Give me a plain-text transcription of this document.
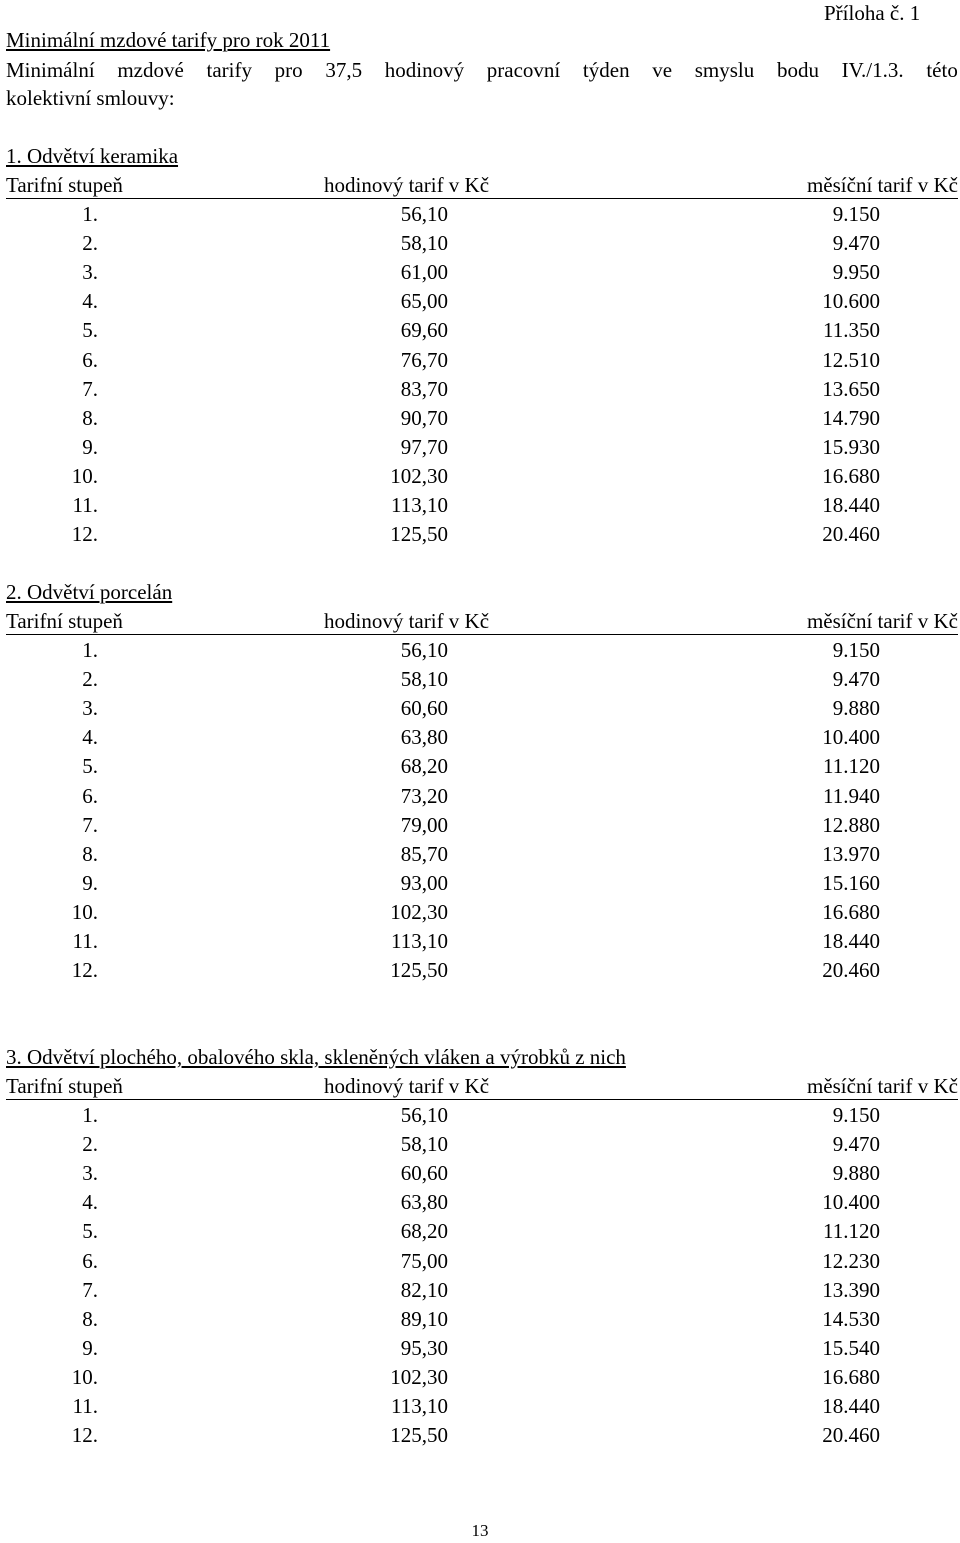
Příloha č. 1
Minimální mzdové tarify pro rok 2011
Minimální mzdové tarify pro 37,5 hodinový pracovní týden ve smyslu bodu IV./1.3. této
kolektivní smlouvy:
1. Odvětví keramika
Tarifní stupeň	hodinový tarif v Kč	měsíční tarif v Kč
1.	56,10	9.150
2.	58,10	9.470
3.	61,00	9.950
4.	65,00	10.600
5.	69,60	11.350
6.	76,70	12.510
7.	83,70	13.650
8.	90,70	14.790
9.	97,70	15.930
10.	102,30	16.680
11.	113,10	18.440
12.	125,50	20.460
2. Odvětví porcelán
Tarifní stupeň	hodinový tarif v Kč	měsíční tarif v Kč
1.	56,10	9.150
2.	58,10	9.470
3.	60,60	9.880
4.	63,80	10.400
5.	68,20	11.120
6.	73,20	11.940
7.	79,00	12.880
8.	85,70	13.970
9.	93,00	15.160
10.	102,30	16.680
11.	113,10	18.440
12.	125,50	20.460
3. Odvětví plochého, obalového skla, skleněných vláken a výrobků z nich
Tarifní stupeň	hodinový tarif v Kč	měsíční tarif v Kč
1.	56,10	9.150
2.	58,10	9.470
3.	60,60	9.880
4.	63,80	10.400
5.	68,20	11.120
6.	75,00	12.230
7.	82,10	13.390
8.	89,10	14.530
9.	95,30	15.540
10.	102,30	16.680
11.	113,10	18.440
12.	125,50	20.460
13
